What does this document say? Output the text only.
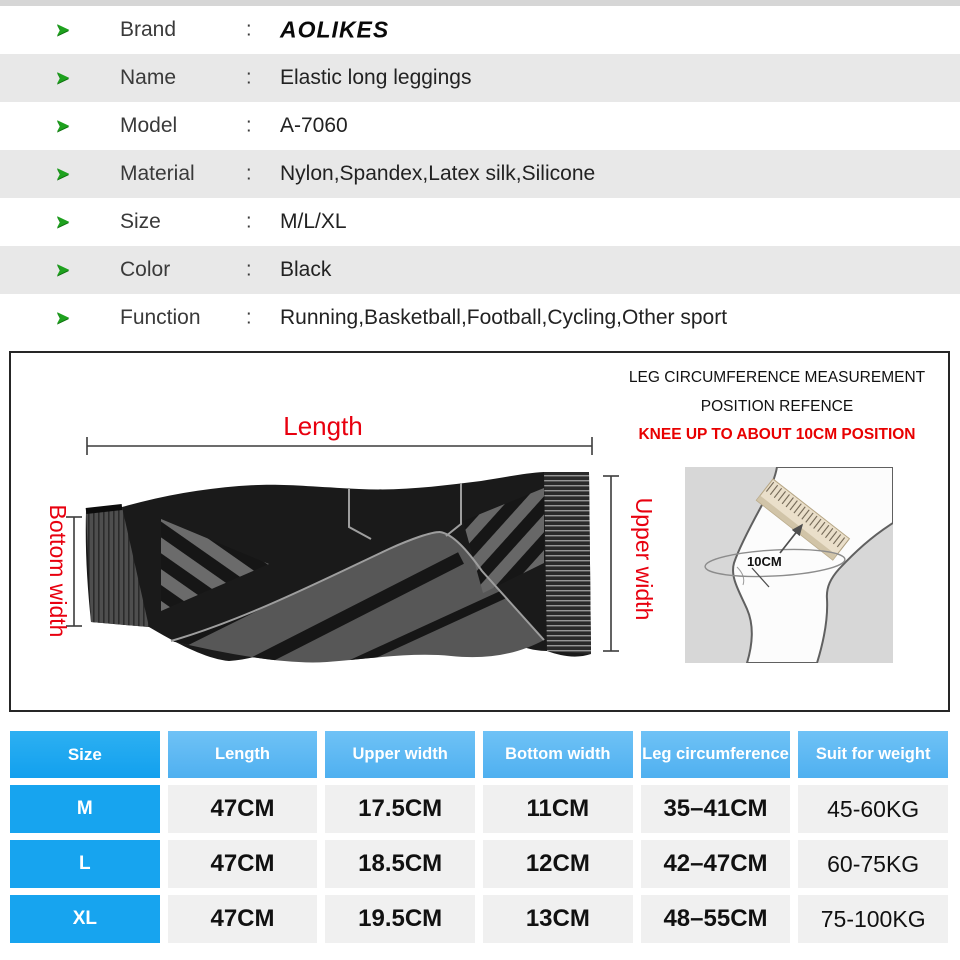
➤ Brand	: AOLIKES
➤ Name	: Elastic long leggings
➤ Model	: A-7060
➤ Material	: Nylon,Spandex,Latex silk,Silicone
➤ Size	: M/L/XL
➤ Color	: Black
➤ Function : Running,Basketball,Football,Cycling,Other sport
Length
Bottom width	Upper width
LEG CIRCUMFERENCE MEASUREMENT
POSITION REFENCE
KNEE UP TO ABOUT 10CM POSITION
10CM
Size	Length	Upper width	Bottom width	Leg circumference	Suit for weight
M	47CM	17.5CM	11CM	35–41CM	45-60KG
L	47CM	18.5CM	12CM	42–47CM	60-75KG
XL	47CM	19.5CM	13CM	48–55CM	75-100KG
